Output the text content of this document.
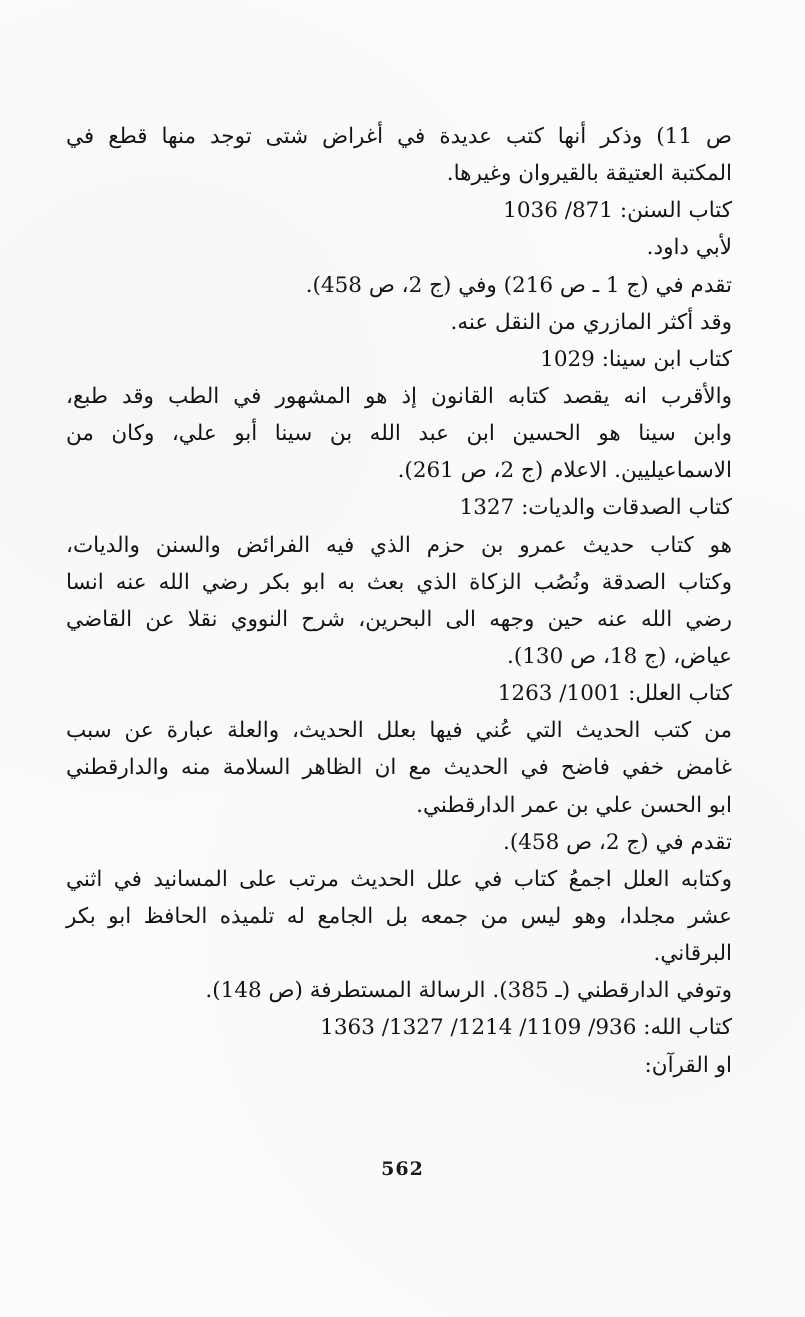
ص 11) وذكر أنها كتب عديدة في أغراض شتى توجد منها قطع في
المكتبة العتيقة بالقيروان وغيرها.
كتاب السنن: 871/ 1036
لأبي داود.
تقدم في (ج 1 ـ ص 216) وفي (ج 2، ص 458).
وقد أكثر المازري من النقل عنه.
كتاب ابن سينا: 1029
والأقرب انه يقصد كتابه القانون إذ هو المشهور في الطب وقد طبع،
وابن سينا هو الحسين ابن عبد الله بن سينا أبو علي، وكان من
الاسماعيليين. الاعلام (ج 2، ص 261).
كتاب الصدقات والديات: 1327
هو كتاب حديث عمرو بن حزم الذي فيه الفرائض والسنن والديات،
وكتاب الصدقة ونُصُب الزكاة الذي بعث به ابو بكر رضي الله عنه انسا
رضي الله عنه حين وجهه الى البحرين، شرح النووي نقلا عن القاضي
عياض، (ج 18، ص 130).
كتاب العلل: 1001/ 1263
من كتب الحديث التي عُني فيها بعلل الحديث، والعلة عبارة عن سبب
غامض خفي فاضح في الحديث مع ان الظاهر السلامة منه والدارقطني
ابو الحسن علي بن عمر الدارقطني.
تقدم في (ج 2، ص 458).
وكتابه العلل اجمعُ كتاب في علل الحديث مرتب على المسانيد في اثني
عشر مجلدا، وهو ليس من جمعه بل الجامع له تلميذه الحافظ ابو بكر
البرقاني.
وتوفي الدارقطني (ـ 385). الرسالة المستطرفة (ص 148).
كتاب الله: 936/ 1109/ 1214/ 1327/ 1363
او القرآن:
562
